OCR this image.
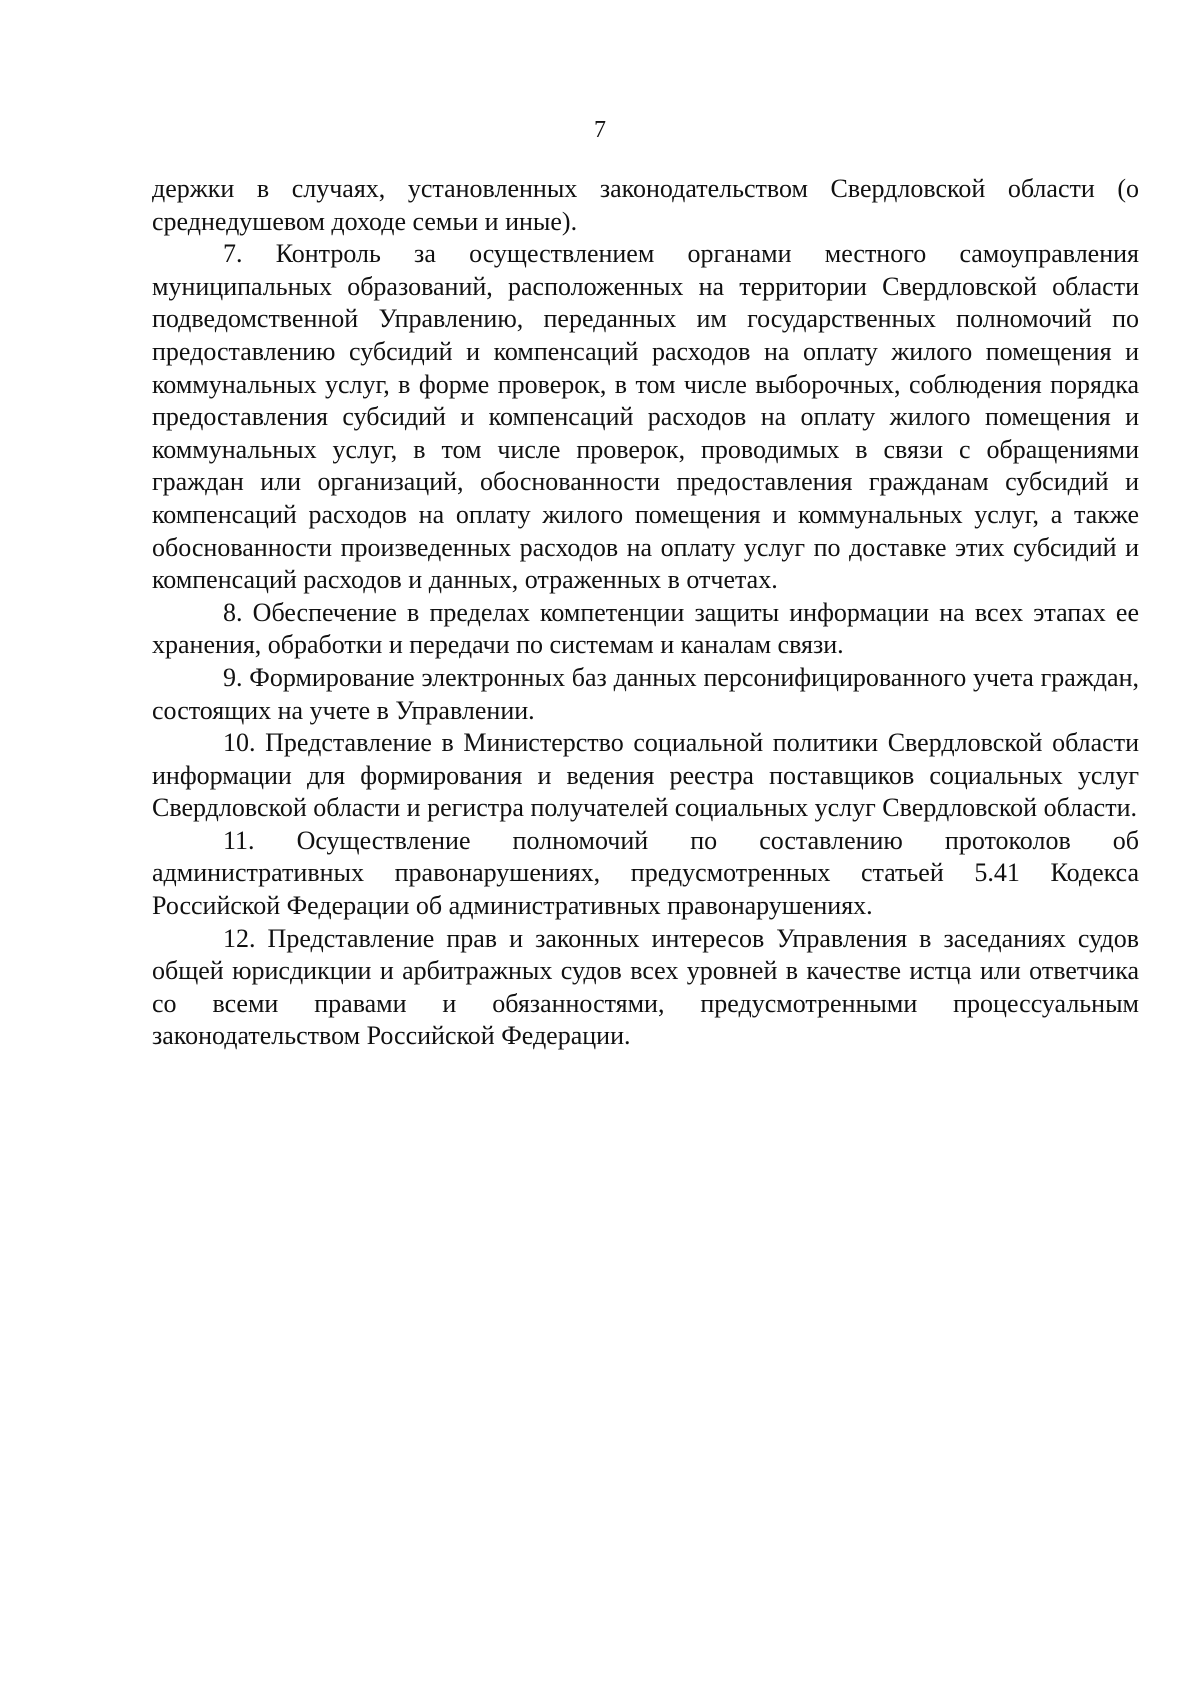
7

держки в случаях, установленных законодательством Свердловской области (о среднедушевом доходе семьи и иные).

7. Контроль за осуществлением органами местного самоуправления муниципальных образований, расположенных на территории Свердловской области подведомственной Управлению, переданных им государственных полномочий по предоставлению субсидий и компенсаций расходов на оплату жилого помещения и коммунальных услуг, в форме проверок, в том числе выборочных, соблюдения порядка предоставления субсидий и компенсаций расходов на оплату жилого помещения и коммунальных услуг, в том числе проверок, проводимых в связи с обращениями граждан или организаций, обоснованности предоставления гражданам субсидий и компенсаций расходов на оплату жилого помещения и коммунальных услуг, а также обоснованности произведенных расходов на оплату услуг по доставке этих субсидий и компенсаций расходов и данных, отраженных в отчетах.

8. Обеспечение в пределах компетенции защиты информации на всех этапах ее хранения, обработки и передачи по системам и каналам связи.

9. Формирование электронных баз данных персонифицированного учета граждан, состоящих на учете в Управлении.

10. Представление в Министерство социальной политики Свердловской области информации для формирования и ведения реестра поставщиков социальных услуг Свердловской области и регистра получателей социальных услуг Свердловской области.

11. Осуществление полномочий по составлению протоколов об административных правонарушениях, предусмотренных статьей 5.41 Кодекса Российской Федерации об административных правонарушениях.

12. Представление прав и законных интересов Управления в заседаниях судов общей юрисдикции и арбитражных судов всех уровней в качестве истца или ответчика со всеми правами и обязанностями, предусмотренными процессуальным законодательством Российской Федерации.
